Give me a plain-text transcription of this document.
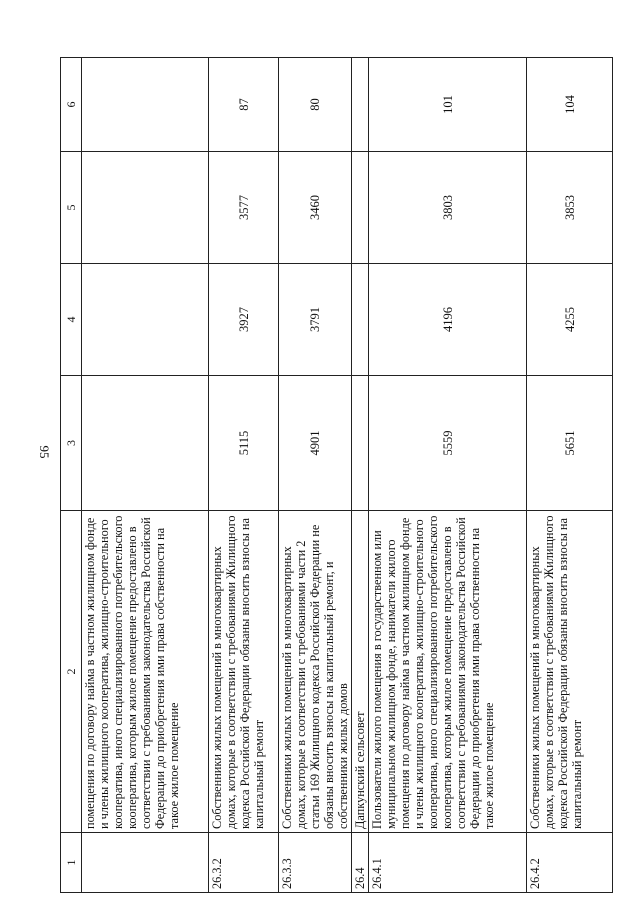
95
1	2	3	4	5	6
	помещения по договору найма в частном жилищном фонде и члены жилищного кооператива, жилищно-строительного кооператива, иного специализированного потребительского кооператива, которым жилое помещение предоставлено в соответствии с требованиями законодательства Российской Федерации до приобретения ими права собственности на такое жилое помещение				
26.3.2	Собственники жилых помещений в многоквартирных домах, которые в соответствии с требованиями Жилищного кодекса Российской Федерации обязаны вносить взносы на капитальный ремонт	5115	3927	3577	87
26.3.3	Собственники жилых помещений в многоквартирных домах, которые в соответствии с требованиями части 2 статьи 169 Жилищного кодекса Российской Федерации не обязаны вносить взносы на капитальный ремонт, и собственники жилых домов	4901	3791	3460	80
26.4	Дапкунский сельсовет				
26.4.1	Пользователи жилого помещения в государственном или муниципальном жилищном фонде, наниматели жилого помещения по договору найма в частном жилищном фонде и члены жилищного кооператива, жилищно-строительного кооператива, иного специализированного потребительского кооператива, которым жилое помещение предоставлено в соответствии с требованиями законодательства Российской Федерации до приобретения ими права собственности на такое жилое помещение	5559	4196	3803	101
26.4.2	Собственники жилых помещений в многоквартирных домах, которые в соответствии с требованиями Жилищного кодекса Российской Федерации обязаны вносить взносы на капитальный ремонт	5651	4255	3853	104
